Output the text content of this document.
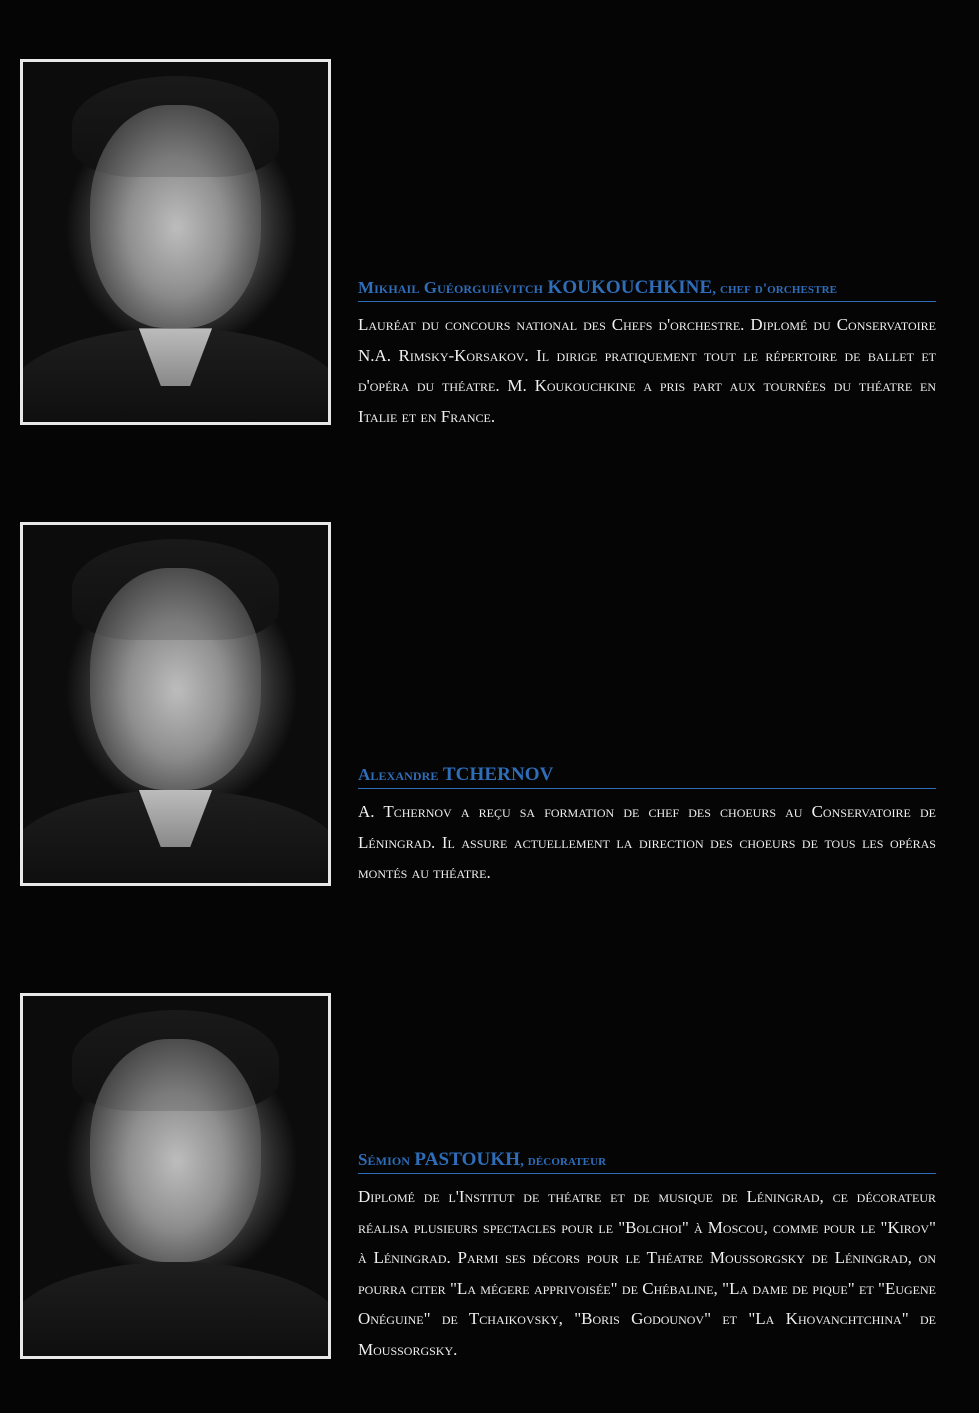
Mikhail Guéorguiévitch KOUKOUCHKINE, chef d'orchestre
Lauréat du concours national des Chefs d'orchestre. Diplomé du Conservatoire N.A. Rimsky-Korsakov. Il dirige pratiquement tout le répertoire de ballet et d'opéra du théatre. M. Koukouchkine a pris part aux tournées du théatre en Italie et en France.
Alexandre TCHERNOV
A. Tchernov a reçu sa formation de chef des choeurs au Conservatoire de Léningrad. Il assure actuellement la direction des choeurs de tous les opéras montés au théatre.
Sémion PASTOUKH, décorateur
Diplomé de l'Institut de théatre et de musique de Léningrad, ce décorateur réalisa plusieurs spectacles pour le "Bolchoi" à Moscou, comme pour le "Kirov" à Léningrad. Parmi ses décors pour le Théatre Moussorgsky de Léningrad, on pourra citer "La mégere apprivoisée" de Chébaline, "La dame de pique" et "Eugene Onéguine" de Tchaikovsky, "Boris Godounov" et "La Khovanchtchina" de Moussorgsky.
